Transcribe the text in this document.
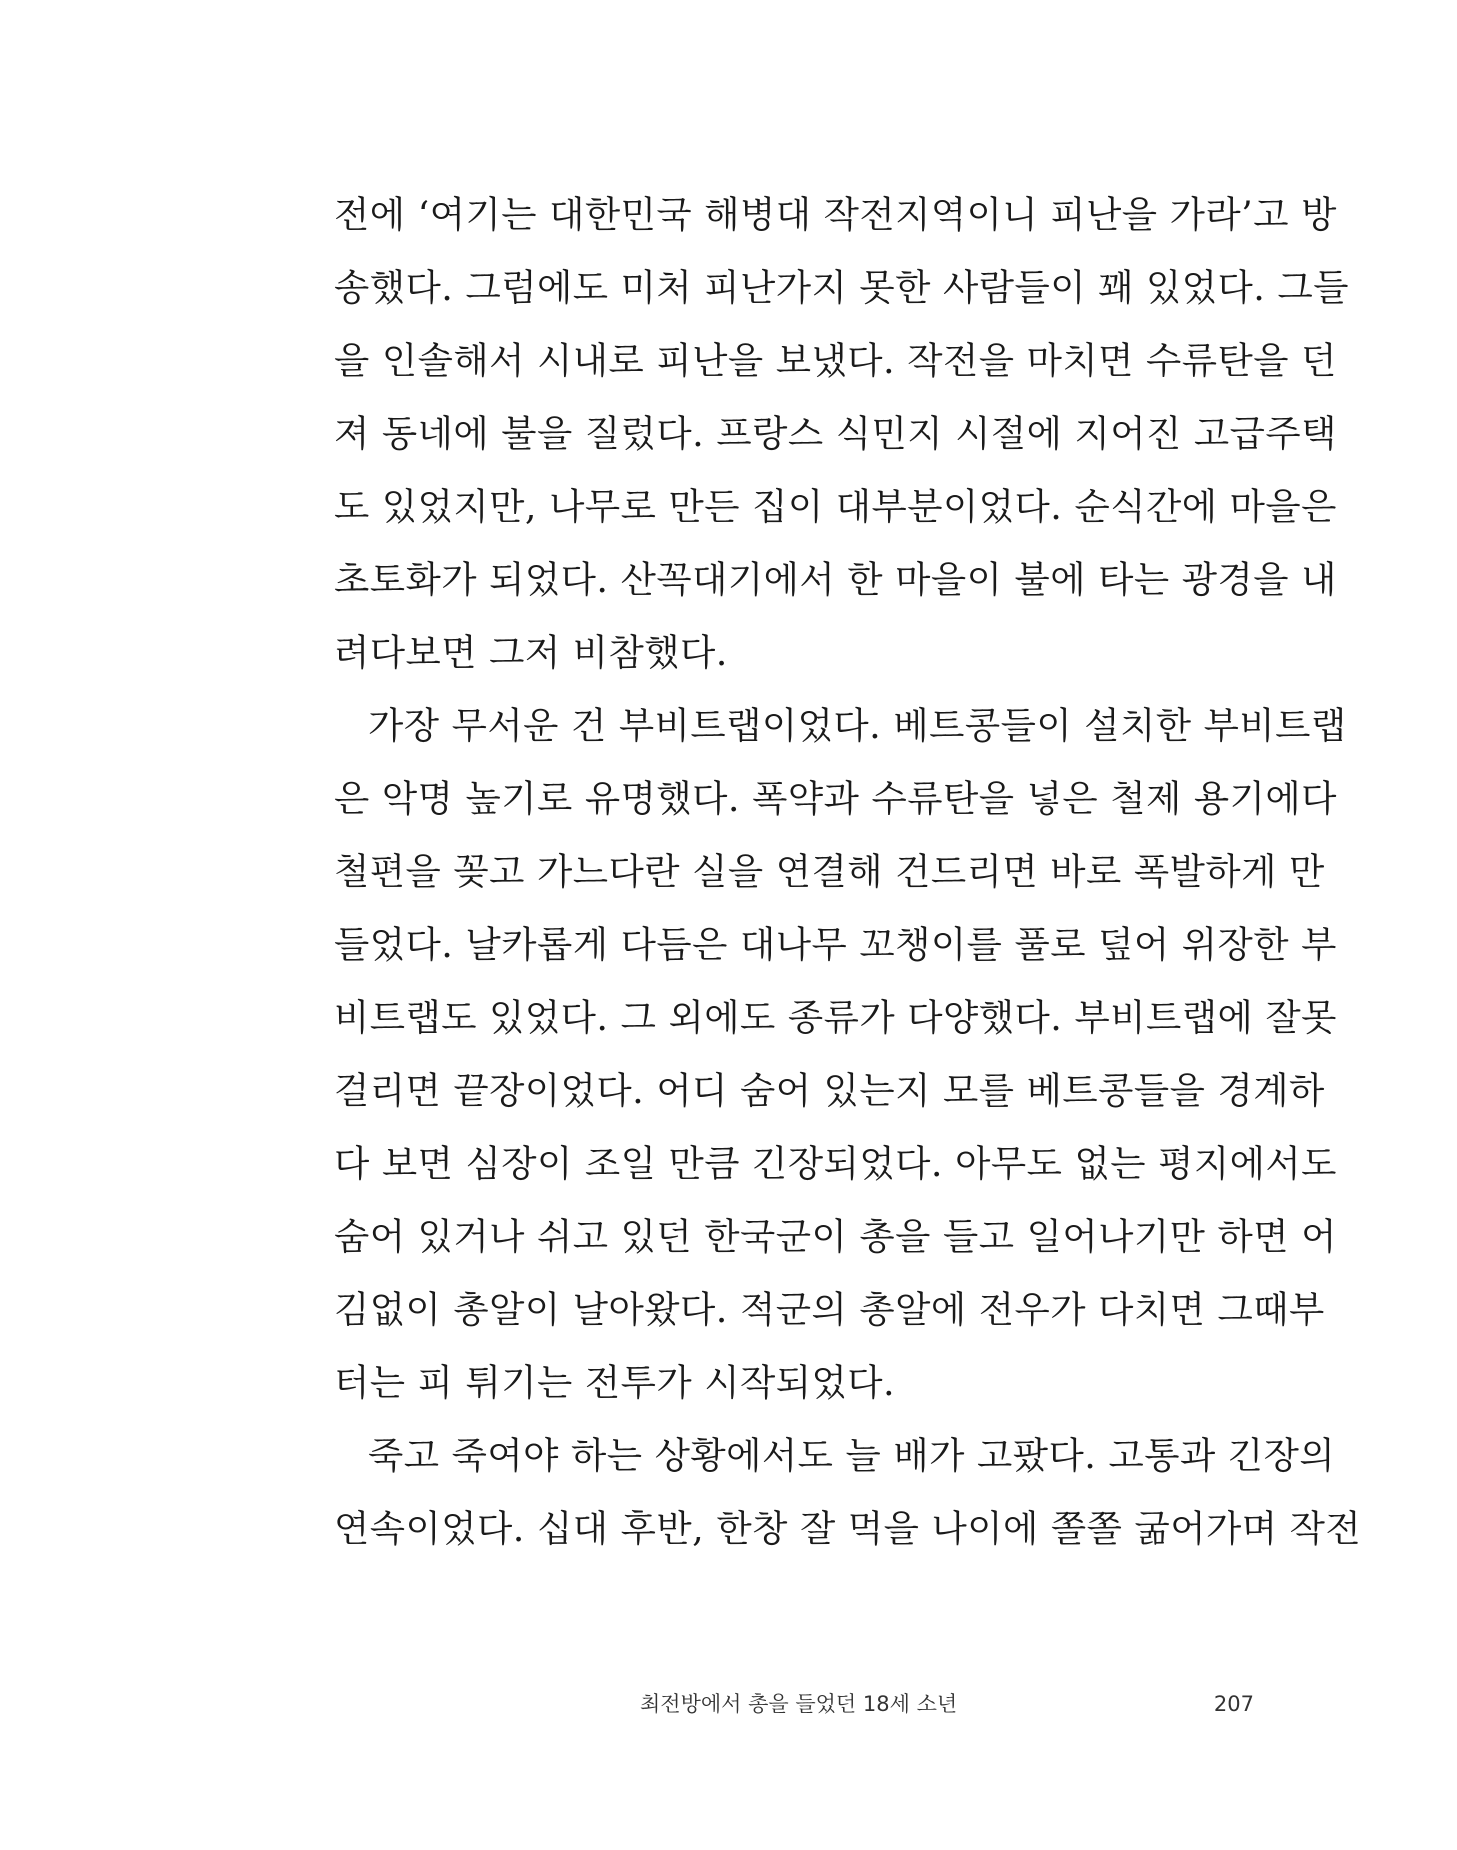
전에 ‘여기는 대한민국 해병대 작전지역이니 피난을 가라’고 방
송했다. 그럼에도 미처 피난가지 못한 사람들이 꽤 있었다. 그들
을 인솔해서 시내로 피난을 보냈다. 작전을 마치면 수류탄을 던
져 동네에 불을 질렀다. 프랑스 식민지 시절에 지어진 고급주택
도 있었지만, 나무로 만든 집이 대부분이었다. 순식간에 마을은
초토화가 되었다. 산꼭대기에서 한 마을이 불에 타는 광경을 내
려다보면 그저 비참했다.
가장 무서운 건 부비트랩이었다. 베트콩들이 설치한 부비트랩
은 악명 높기로 유명했다. 폭약과 수류탄을 넣은 철제 용기에다
철편을 꽂고 가느다란 실을 연결해 건드리면 바로 폭발하게 만
들었다. 날카롭게 다듬은 대나무 꼬챙이를 풀로 덮어 위장한 부
비트랩도 있었다. 그 외에도 종류가 다양했다. 부비트랩에 잘못
걸리면 끝장이었다. 어디 숨어 있는지 모를 베트콩들을 경계하
다 보면 심장이 조일 만큼 긴장되었다. 아무도 없는 평지에서도
숨어 있거나 쉬고 있던 한국군이 총을 들고 일어나기만 하면 어
김없이 총알이 날아왔다. 적군의 총알에 전우가 다치면 그때부
터는 피 튀기는 전투가 시작되었다.
죽고 죽여야 하는 상황에서도 늘 배가 고팠다. 고통과 긴장의
연속이었다. 십대 후반, 한창 잘 먹을 나이에 쫄쫄 굶어가며 작전
최전방에서 총을 들었던 18세 소년	207
